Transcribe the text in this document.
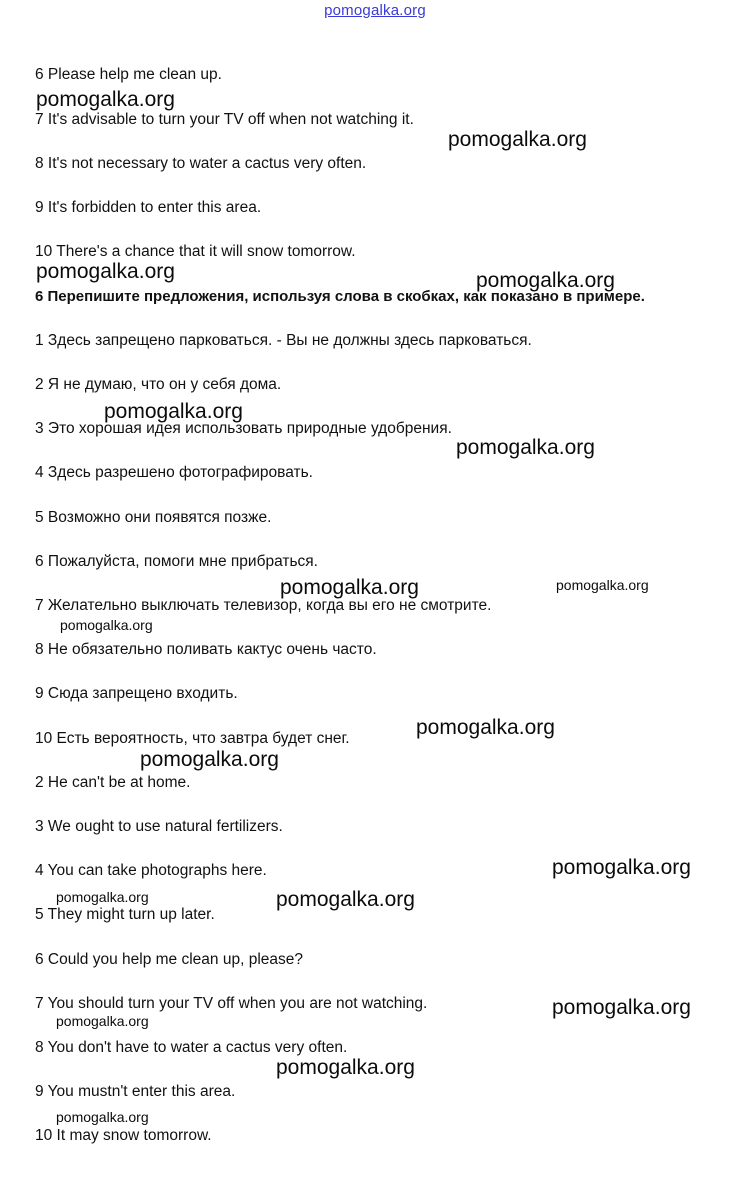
pomogalka.org
6 Please help me clean up.
7 It's advisable to turn your TV off when not watching it.
8 It's not necessary to water a cactus very often.
9 It's forbidden to enter this area.
10 There's a chance that it will snow tomorrow.
6 Перепишите предложения, используя слова в скобках, как показано в примере.
1 Здесь запрещено парковаться. - Вы не должны здесь парковаться.
2 Я не думаю, что он у себя дома.
3 Это хорошая идея использовать природные удобрения.
4 Здесь разрешено фотографировать.
5 Возможно они появятся позже.
6 Пожалуйста, помоги мне прибраться.
7 Желательно выключать телевизор, когда вы его не смотрите.
8 Не обязательно поливать кактус очень часто.
9 Сюда запрещено входить.
10 Есть вероятность, что завтра будет снег.
2 He can't be at home.
3 We ought to use natural fertilizers.
4 You can take photographs here.
5 They might turn up later.
6 Could you help me clean up, please?
7 You should turn your TV off when you are not watching.
8 You don't have to water a cactus very often.
9 You mustn't enter this area.
10 It may snow tomorrow.
pomogalka.org
pomogalka.org
pomogalka.org	pomogalka.org
pomogalka.org
pomogalka.org
pomogalka.org	pomogalka.org
pomogalka.org
pomogalka.org
pomogalka.org
pomogalka.org
pomogalka.org	pomogalka.org
pomogalka.org
pomogalka.org
pomogalka.org
pomogalka.org
